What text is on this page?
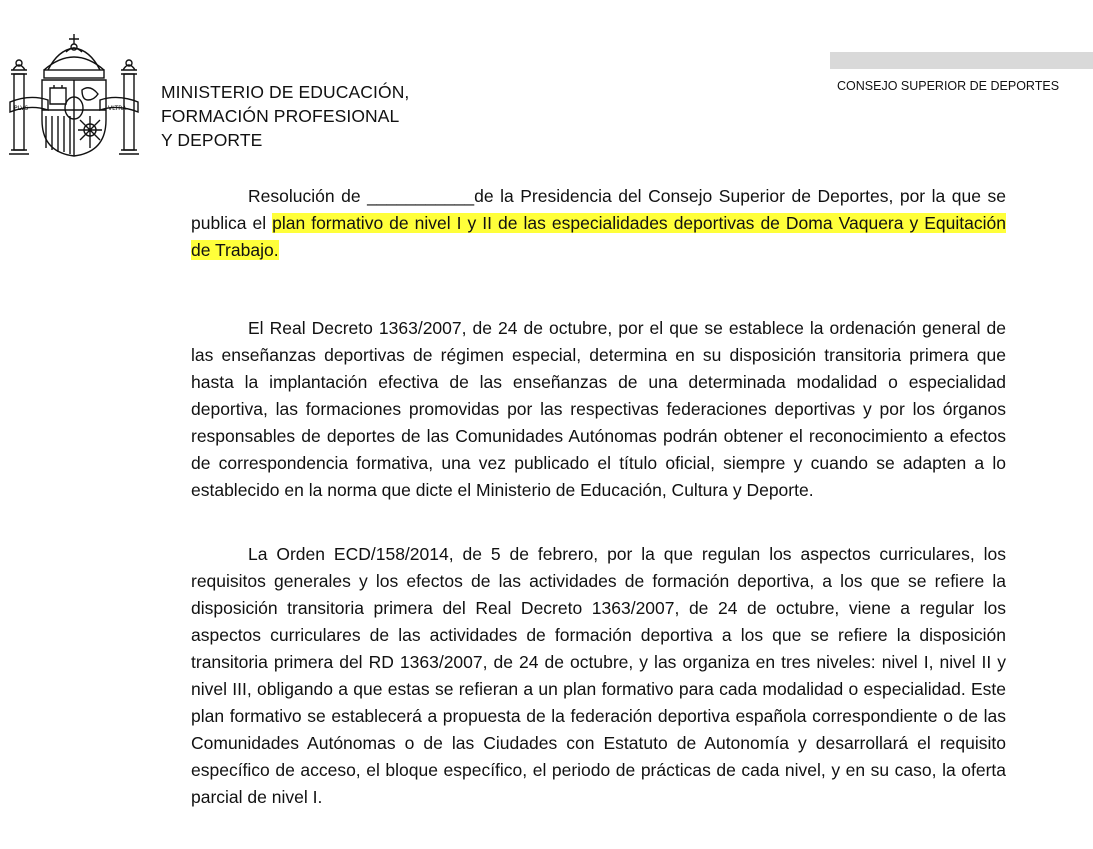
PLVS	VLTRA
MINISTERIO DE EDUCACIÓN,
FORMACIÓN PROFESIONAL
Y DEPORTE
CONSEJO SUPERIOR DE DEPORTES

Resolución de ___________de la Presidencia del Consejo Superior de Deportes, por la que se publica el plan formativo de nivel I y II de las especialidades deportivas de Doma Vaquera y Equitación de Trabajo.

El Real Decreto 1363/2007, de 24 de octubre, por el que se establece la ordenación general de las enseñanzas deportivas de régimen especial, determina en su disposición transitoria primera que hasta la implantación efectiva de las enseñanzas de una determinada modalidad o especialidad deportiva, las formaciones promovidas por las respectivas federaciones deportivas y por los órganos responsables de deportes de las Comunidades Autónomas podrán obtener el reconocimiento a efectos de correspondencia formativa, una vez publicado el título oficial, siempre y cuando se adapten a lo establecido en la norma que dicte el Ministerio de Educación, Cultura y Deporte.

La Orden ECD/158/2014, de 5 de febrero, por la que regulan los aspectos curriculares, los requisitos generales y los efectos de las actividades de formación deportiva, a los que se refiere la disposición transitoria primera del Real Decreto 1363/2007, de 24 de octubre, viene a regular los aspectos curriculares de las actividades de formación deportiva a los que se refiere la disposición transitoria primera del RD 1363/2007, de 24 de octubre, y las organiza en tres niveles: nivel I, nivel II y nivel III, obligando a que estas se refieran a un plan formativo para cada modalidad o especialidad. Este plan formativo se establecerá a propuesta de la federación deportiva española correspondiente o de las Comunidades Autónomas o de las Ciudades con Estatuto de Autonomía y desarrollará el requisito específico de acceso, el bloque específico, el periodo de prácticas de cada nivel, y en su caso, la oferta parcial de nivel I.
